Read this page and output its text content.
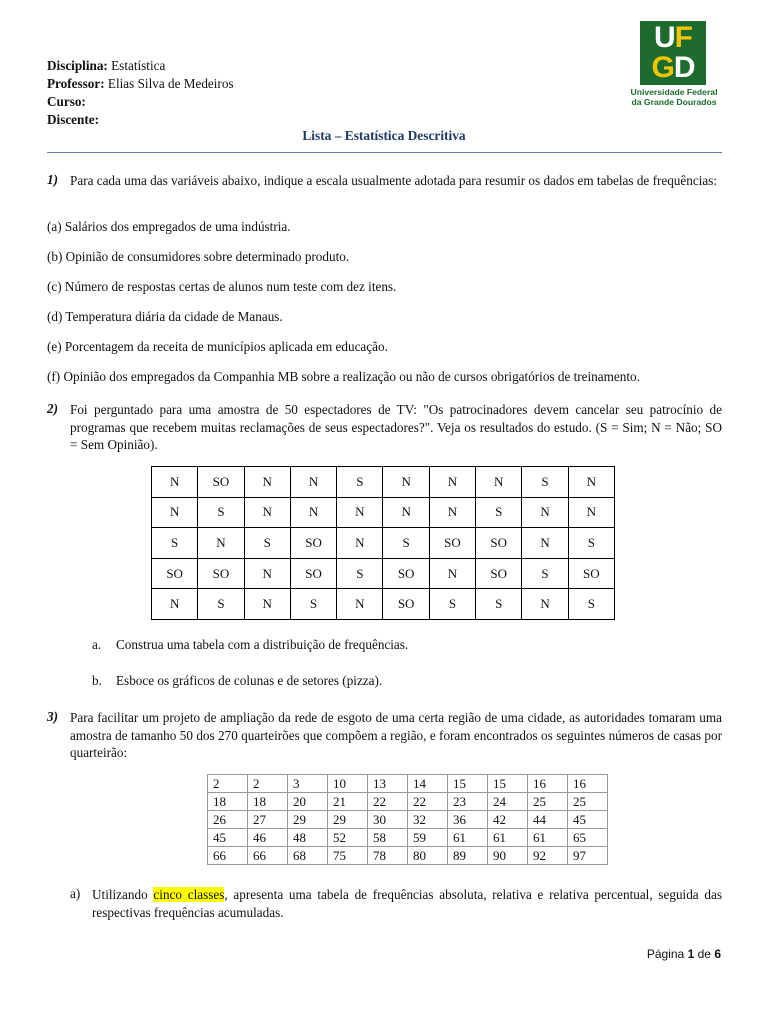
Disciplina: Estatística
Professor: Elias Silva de Medeiros
Curso:
Discente:
UF
GD
Universidade Federal
da Grande Dourados
Lista – Estatística Descritiva
1) Para cada uma das variáveis abaixo, indique a escala usualmente adotada para resumir os dados em tabelas de frequências:
(a) Salários dos empregados de uma indústria.
(b) Opinião de consumidores sobre determinado produto.
(c) Número de respostas certas de alunos num teste com dez itens.
(d) Temperatura diária da cidade de Manaus.
(e) Porcentagem da receita de municípios aplicada em educação.
(f) Opinião dos empregados da Companhia MB sobre a realização ou não de cursos obrigatórios de treinamento.
2) Foi perguntado para uma amostra de 50 espectadores de TV: "Os patrocinadores devem cancelar seu patrocínio de programas que recebem muitas reclamações de seus espectadores?". Veja os resultados do estudo. (S = Sim; N = Não; SO = Sem Opinião).
N	SO	N	N	S	N	N	N	S	N
N	S	N	N	N	N	N	S	N	N
S	N	S	SO	N	S	SO	SO	N	S
SO	SO	N	SO	S	SO	N	SO	S	SO
N	S	N	S	N	SO	S	S	N	S
a. Construa uma tabela com a distribuição de frequências.
b. Esboce os gráficos de colunas e de setores (pizza).
3) Para facilitar um projeto de ampliação da rede de esgoto de uma certa região de uma cidade, as autoridades tomaram uma amostra de tamanho 50 dos 270 quarteirões que compõem a região, e foram encontrados os seguintes números de casas por quarteirão:
2	2	3	10	13	14	15	15	16	16
18	18	20	21	22	22	23	24	25	25
26	27	29	29	30	32	36	42	44	45
45	46	48	52	58	59	61	61	61	65
66	66	68	75	78	80	89	90	92	97
a) Utilizando cinco classes, apresenta uma tabela de frequências absoluta, relativa e relativa percentual, seguida das respectivas frequências acumuladas.
Página 1 de 6
